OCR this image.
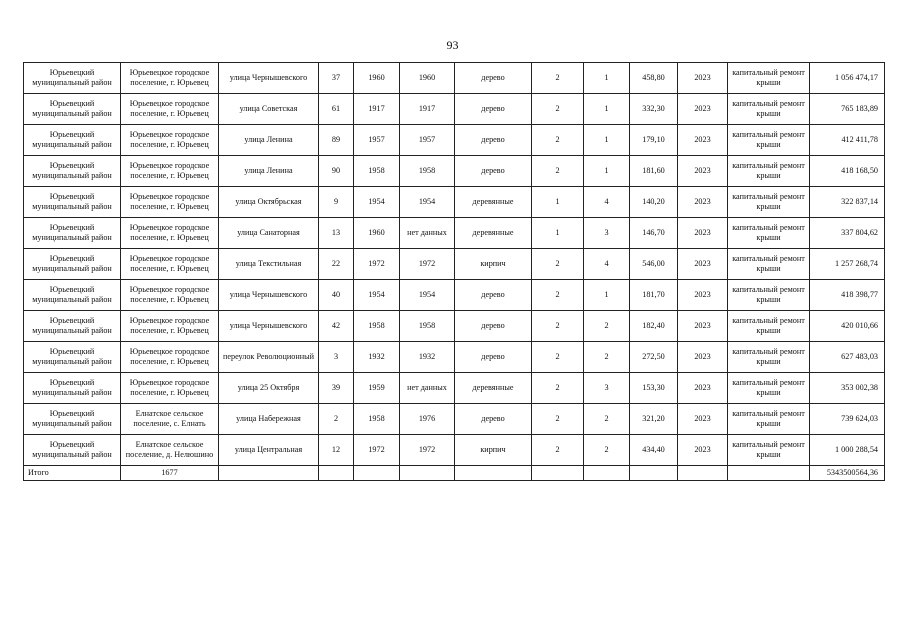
93
Юрьевецкий муниципальный район	Юрьевецкое городское поселение, г. Юрьевец	улица Чернышевского	37	1960	1960	дерево	2	1	458,80	2023	капитальный ремонт крыши	1 056 474,17
Юрьевецкий муниципальный район	Юрьевецкое городское поселение, г. Юрьевец	улица Советская	61	1917	1917	дерево	2	1	332,30	2023	капитальный ремонт крыши	765 183,89
Юрьевецкий муниципальный район	Юрьевецкое городское поселение, г. Юрьевец	улица Ленина	89	1957	1957	дерево	2	1	179,10	2023	капитальный ремонт крыши	412 411,78
Юрьевецкий муниципальный район	Юрьевецкое городское поселение, г. Юрьевец	улица Ленина	90	1958	1958	дерево	2	1	181,60	2023	капитальный ремонт крыши	418 168,50
Юрьевецкий муниципальный район	Юрьевецкое городское поселение, г. Юрьевец	улица Октябрьская	9	1954	1954	деревянные	1	4	140,20	2023	капитальный ремонт крыши	322 837,14
Юрьевецкий муниципальный район	Юрьевецкое городское поселение, г. Юрьевец	улица Санаторная	13	1960	нет данных	деревянные	1	3	146,70	2023	капитальный ремонт крыши	337 804,62
Юрьевецкий муниципальный район	Юрьевецкое городское поселение, г. Юрьевец	улица Текстильная	22	1972	1972	кирпич	2	4	546,00	2023	капитальный ремонт крыши	1 257 268,74
Юрьевецкий муниципальный район	Юрьевецкое городское поселение, г. Юрьевец	улица Чернышевского	40	1954	1954	дерево	2	1	181,70	2023	капитальный ремонт крыши	418 398,77
Юрьевецкий муниципальный район	Юрьевецкое городское поселение, г. Юрьевец	улица Чернышевского	42	1958	1958	дерево	2	2	182,40	2023	капитальный ремонт крыши	420 010,66
Юрьевецкий муниципальный район	Юрьевецкое городское поселение, г. Юрьевец	переулок Революционный	3	1932	1932	дерево	2	2	272,50	2023	капитальный ремонт крыши	627 483,03
Юрьевецкий муниципальный район	Юрьевецкое городское поселение, г. Юрьевец	улица 25 Октября	39	1959	нет данных	деревянные	2	3	153,30	2023	капитальный ремонт крыши	353 002,38
Юрьевецкий муниципальный район	Елнатское сельское поселение, с. Елнать	улица Набережная	2	1958	1976	дерево	2	2	321,20	2023	капитальный ремонт крыши	739 624,03
Юрьевецкий муниципальный район	Елнатское сельское поселение, д. Нелюшино	улица Центральная	12	1972	1972	кирпич	2	2	434,40	2023	капитальный ремонт крыши	1 000 288,54
Итого	1677											5343500564,36
